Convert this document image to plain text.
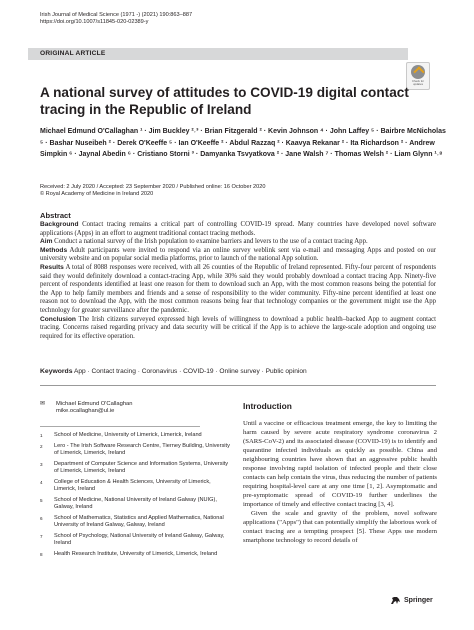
Irish Journal of Medical Science (1971 -) (2021) 190:863–887
https://doi.org/10.1007/s11845-020-02389-y
ORIGINAL ARTICLE
Check for updates
A national survey of attitudes to COVID-19 digital contact tracing in the Republic of Ireland
Michael Edmund O'Callaghan ¹ · Jim Buckley ²˒³ · Brian Fitzgerald ² · Kevin Johnson ⁴ · John Laffey ⁵ · Bairbre McNicholas ⁵ · Bashar Nuseibeh ² · Derek O'Keeffe ⁵ · Ian O'Keeffe ² · Abdul Razzaq ² · Kaavya Rekanar ² · Ita Richardson ² · Andrew Simpkin ⁶ · Jaynal Abedin ⁶ · Cristiano Storni ³ · Damyanka Tsvyatkova ² · Jane Walsh ⁷ · Thomas Welsh ² · Liam Glynn ¹˒⁸
Received: 2 July 2020 / Accepted: 23 September 2020 / Published online: 16 October 2020
© Royal Academy of Medicine in Ireland 2020
Abstract
Background Contact tracing remains a critical part of controlling COVID-19 spread. Many countries have developed novel software applications (Apps) in an effort to augment traditional contact tracing methods.
Aim Conduct a national survey of the Irish population to examine barriers and levers to the use of a contact tracing App.
Methods Adult participants were invited to respond via an online survey weblink sent via e-mail and messaging Apps and posted on our university website and on popular social media platforms, prior to launch of the national App solution.
Results A total of 8088 responses were received, with all 26 counties of the Republic of Ireland represented. Fifty-four percent of respondents said they would definitely download a contact-tracing App, while 30% said they would probably download a contact tracing App. Ninety-five percent of respondents identified at least one reason for them to download such an App, with the most common reasons being the potential for the App to help family members and friends and a sense of responsibility to the wider community. Fifty-nine percent identified at least one reason not to download the App, with the most common reasons being fear that technology companies or the government might use the App technology for greater surveillance after the pandemic.
Conclusion The Irish citizens surveyed expressed high levels of willingness to download a public health–backed App to augment contact tracing. Concerns raised regarding privacy and data security will be critical if the App is to achieve the large-scale adoption and ongoing use required for its effective operation.
Keywords App · Contact tracing · Coronavirus · COVID-19 · Online survey · Public opinion
✉ Michael Edmund O'Callaghan
mike.ocallaghan@ul.ie
1	School of Medicine, University of Limerick, Limerick, Ireland
2	Lero - The Irish Software Research Centre, Tierney Building, University of Limerick, Limerick, Ireland
3	Department of Computer Science and Information Systems, University of Limerick, Limerick, Ireland
4	College of Education & Health Sciences, University of Limerick, Limerick, Ireland
5	School of Medicine, National University of Ireland Galway (NUIG), Galway, Ireland
6	School of Mathematics, Statistics and Applied Mathematics, National University of Ireland Galway, Galway, Ireland
7	School of Psychology, National University of Ireland Galway, Galway, Ireland
8	Health Research Institute, University of Limerick, Limerick, Ireland
Introduction

Until a vaccine or efficacious treatment emerge, the key to limiting the harm caused by severe acute respiratory syndrome coronavirus 2 (SARS-CoV-2) and its associated disease (COVID-19) is to identify and quarantine infected individuals as quickly as possible. China and neighbouring countries have shown that an aggressive public health response involving rapid isolation of infected people and their close contacts can help contain the virus, thus reducing the number of patients requiring hospital-level care at any one time [1, 2]. Asymptomatic and pre-symptomatic spread of COVID-19 further underlines the importance of timely and effective contact tracing [3, 4].

Given the scale and gravity of the problem, novel software applications ("Apps") that can potentially simplify the laborious work of contact tracing are a tempting prospect [5]. These Apps use modern smartphone technology to record details of

Springer
